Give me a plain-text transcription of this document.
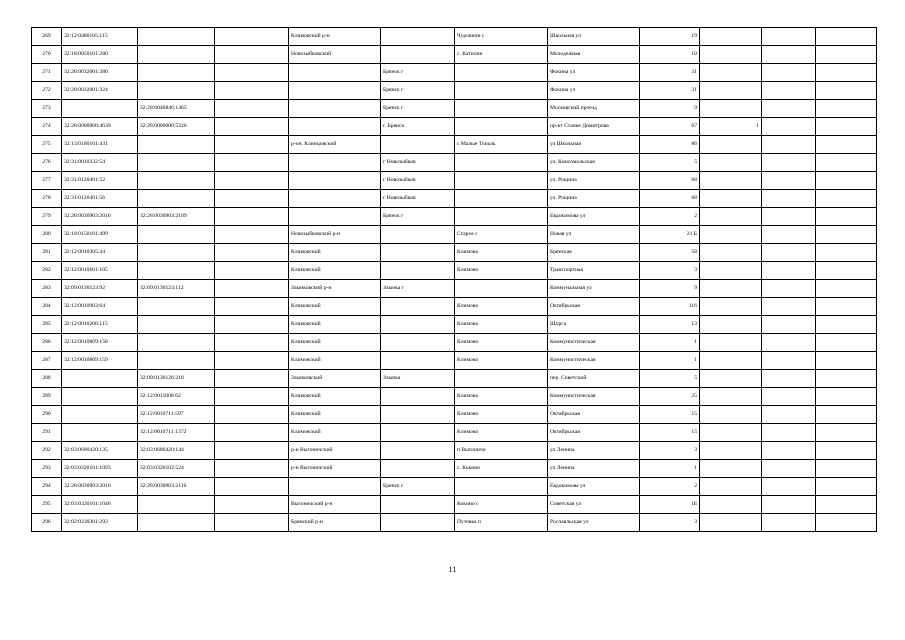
269	32:12:0480105:115			Климовский р-н		Чуровичи с	Школьная ул	19			
270	32:18:0050101:280			Новозыбковский		с. Катилин	Молодежная	10			
271	32:28:0032001:380				Брянск г		Фокина ул	31			
272	32:28:0032001:324				Брянск г		Фокина ул	31			
273		32:28:0040846:1465			Брянск г		Московский проезд	9			
274	32:28:0000000:4639	32:28:0000000:5326			г. Брянск		пр-кт Станке Димитрова	67	1		
275	32:13:0180101:431			р-он. Клинцовский		с Малые Топаль	ул Школьная	86			
276	32:31:0010332:54				г Новозыбков		ул. Комсомольская	5			
277	32:31:0120401:52				г Новозыбков		ул. Рощина	68			
278	32:31:0120401:56				г Новозыбков		ул. Рощина	68			
279	32:28:0030903:2010	32:28:0030903:2109			Брянск г		Евдокимова ул	2			
280	32:18:0150101:499			Новозыбковский р-н		Старое с	Новая ул	21 Б			
281	32:12:0010305:44			Климовский		Климово	Брянская	58			
282	32:12:0010601:105			Климовский		Климово	Транспортная	3			
283	32:09:0130123:92	32:09:0130123:112		Злынковский р-н	Злынка г		Коммунальная ул	9			
284	32:12:0010903:64			Климовский		Климово	Октябрьская	116			
285	32:12:0010206:115			Климовский		Климово	Щорса	13			
286	32:12:0010809:158			Климовский		Климово	Коммунистическая	1			
287	32:12:0010809:159			Климовский		Климово	Коммунистическая	1			
288		32:09:0130126:218		Злынковский	Злынка		пер. Советский	5			
289		32:12:0011008:62		Климовский		Климово	Коммунистическая	25			
290		32:12:0010711:597		Климовский		Климово	Октябрьская	15			
291		32:12:0010711:1372		Климовский		Климово	Октябрьская	15			
292	32:03:0680420:135	32:03:0680420:144		р-н Выгоничский		п Выгоничи	ул Ленина	3			
293	32:03:0320101:1093	32:03:0320102:524		р-н Выгоничский		с. Кокино	ул Ленина	1			
294	32:28:0030903:2010	32:28:0030903:2110			Брянск г		Евдокимова ул	2			
295	32:03:0320101:1046			Выгоничский р-н		Кокино с	Советская ул	1Б			
296	32:02:0230301:293			Брянский р-н		Путевка п	Рославльская ул	3			
11
